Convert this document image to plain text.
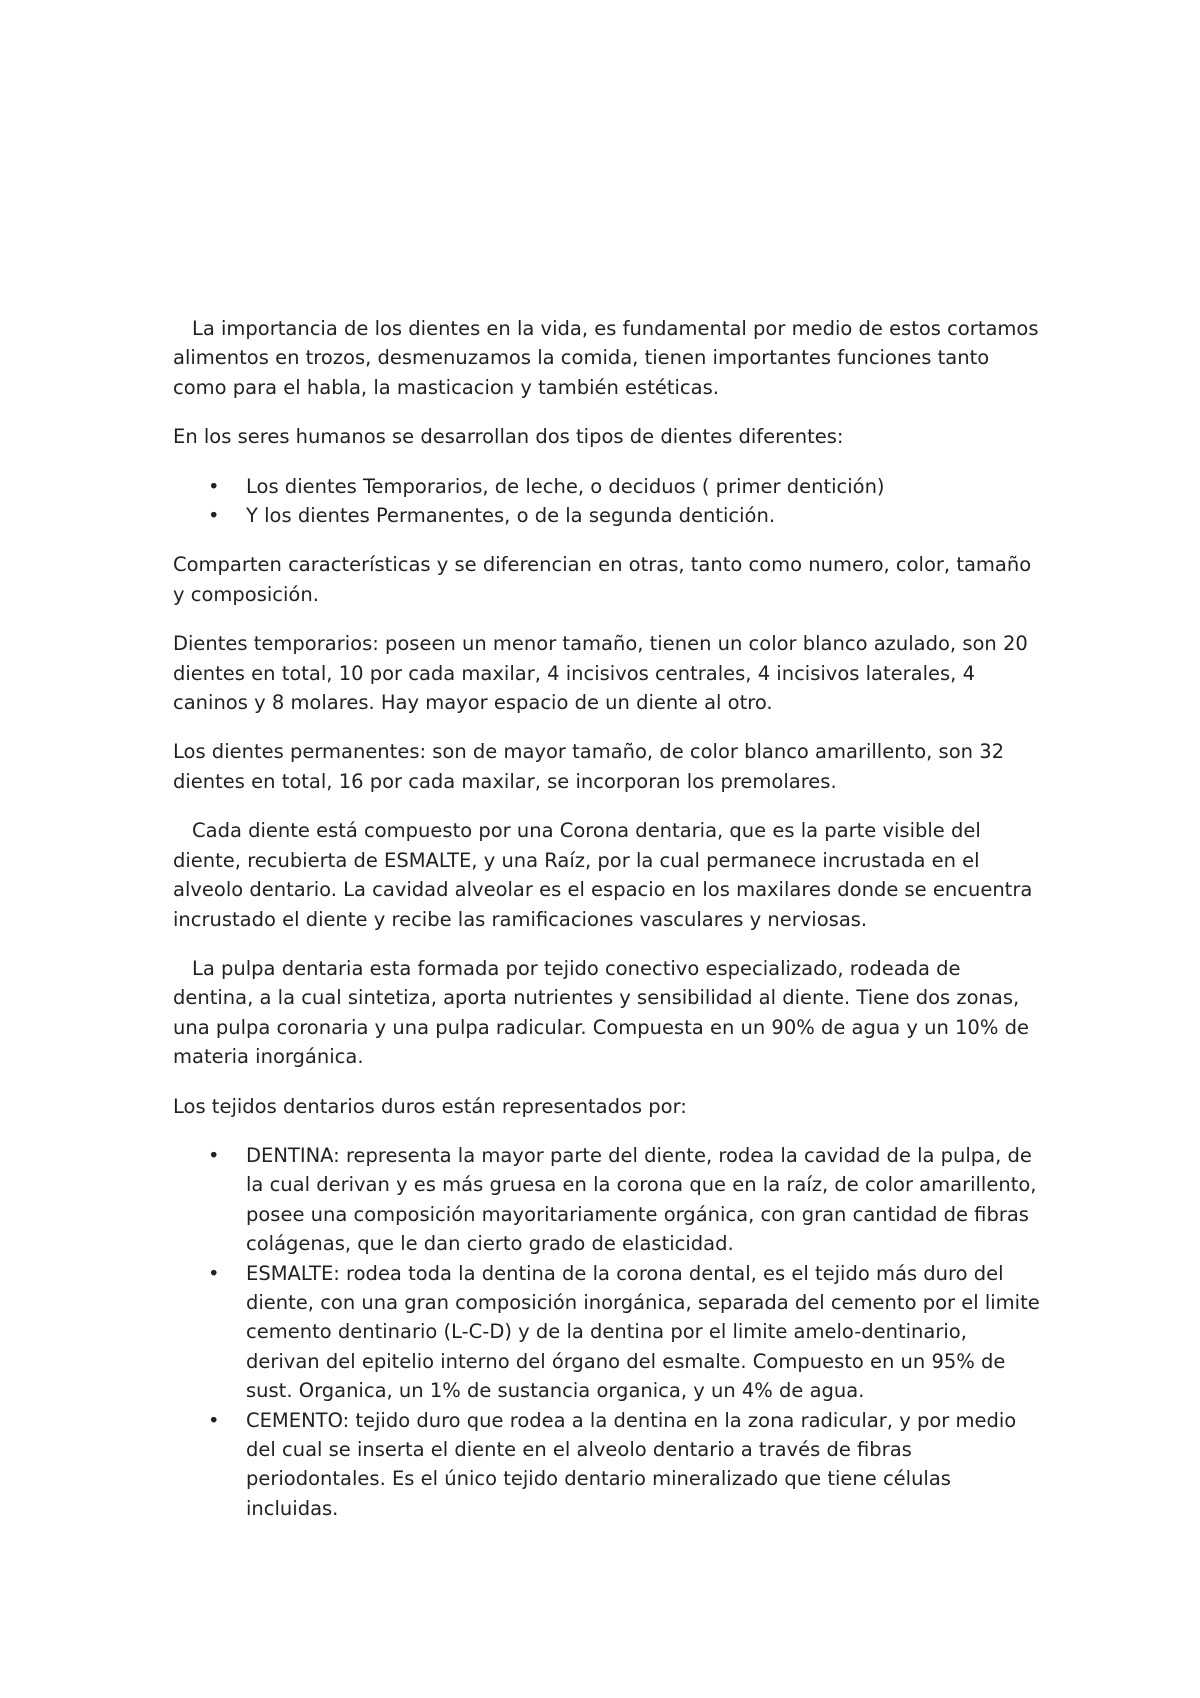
La importancia de los dientes en la vida, es fundamental por medio de estos cortamos alimentos en trozos, desmenuzamos la comida, tienen importantes funciones tanto como para el habla, la masticacion y también estéticas.

En los seres humanos se desarrollan dos tipos de dientes diferentes:

• Los dientes Temporarios, de leche, o deciduos ( primer dentición)
• Y los dientes Permanentes, o de la segunda dentición.

Comparten características y se diferencian en otras, tanto como numero, color, tamaño y composición.

Dientes temporarios: poseen un menor tamaño, tienen un color blanco azulado, son 20 dientes en total, 10 por cada maxilar, 4 incisivos centrales, 4 incisivos laterales, 4 caninos y 8 molares. Hay mayor espacio de un diente al otro.

Los dientes permanentes: son de mayor tamaño, de color blanco amarillento, son 32 dientes en total, 16 por cada maxilar, se incorporan los premolares.

Cada diente está compuesto por una Corona dentaria, que es la parte visible del diente, recubierta de ESMALTE, y una Raíz, por la cual permanece incrustada en el alveolo dentario. La cavidad alveolar es el espacio en los maxilares donde se encuentra incrustado el diente y recibe las ramificaciones vasculares y nerviosas.

La pulpa dentaria esta formada por tejido conectivo especializado, rodeada de dentina, a la cual sintetiza, aporta nutrientes y sensibilidad al diente. Tiene dos zonas, una pulpa coronaria y una pulpa radicular. Compuesta en un 90% de agua y un 10% de materia inorgánica.

Los tejidos dentarios duros están representados por:

• DENTINA: representa la mayor parte del diente, rodea la cavidad de la pulpa, de la cual derivan y es más gruesa en la corona que en la raíz, de color amarillento, posee una composición mayoritariamente orgánica, con gran cantidad de fibras colágenas, que le dan cierto grado de elasticidad.
• ESMALTE: rodea toda la dentina de la corona dental, es el tejido más duro del diente, con una gran composición inorgánica, separada del cemento por el limite cemento dentinario (L-C-D) y de la dentina por el limite amelo-dentinario, derivan del epitelio interno del órgano del esmalte. Compuesto en un 95% de sust. Organica, un 1% de sustancia organica, y un 4% de agua.
• CEMENTO: tejido duro que rodea a la dentina en la zona radicular, y por medio del cual se inserta el diente en el alveolo dentario a través de fibras periodontales. Es el único tejido dentario mineralizado que tiene células incluidas.
